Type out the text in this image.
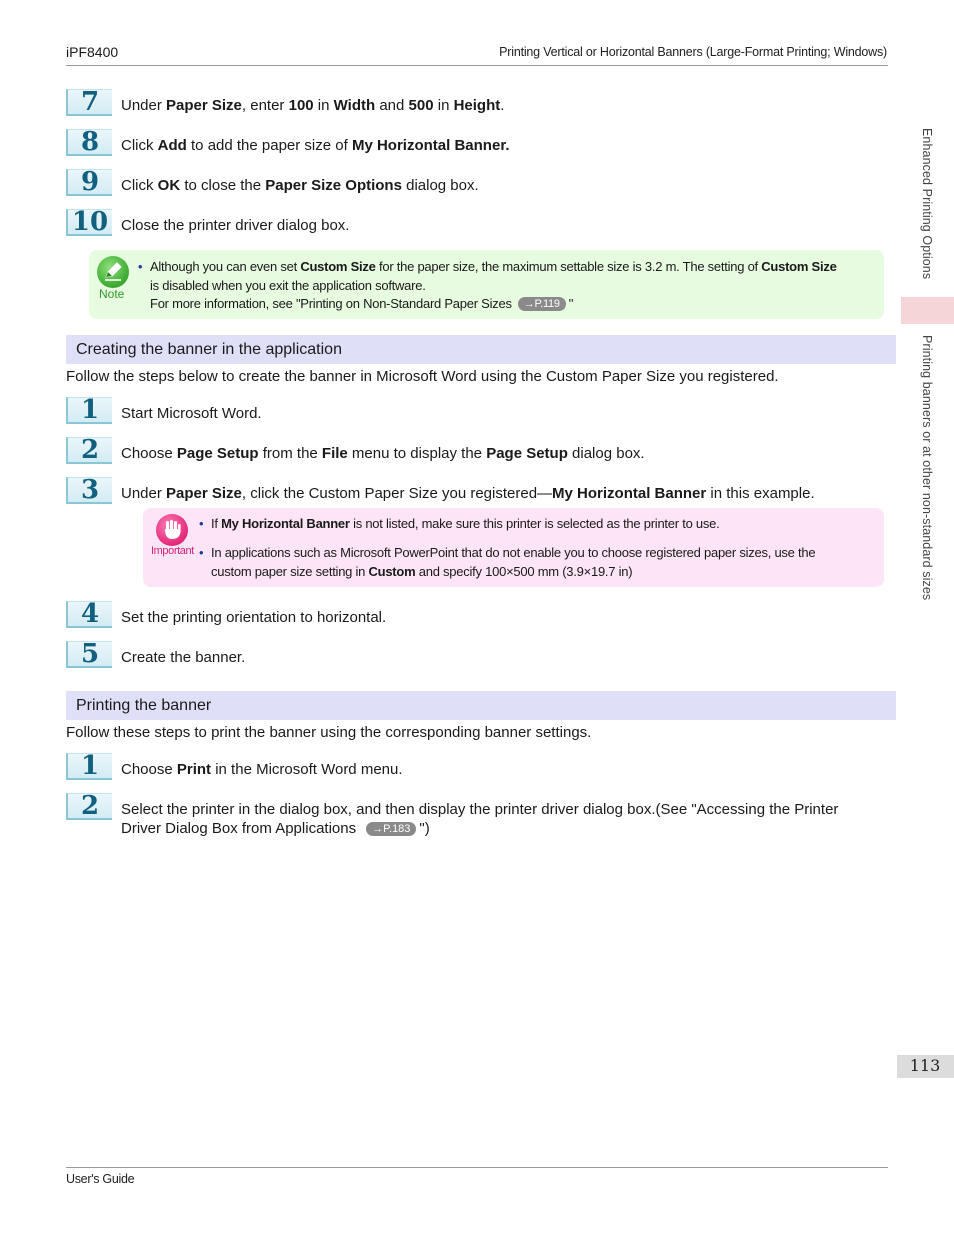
iPF8400	Printing Vertical or Horizontal Banners (Large-Format Printing; Windows)
Enhanced Printing Options
Printing banners or at other non-standard sizes
7	Under Paper Size, enter 100 in Width and 500 in Height.
8	Click Add to add the paper size of My Horizontal Banner.
9	Click OK to close the Paper Size Options dialog box.
10 Close the printer driver dialog box.
Note
• Although you can even set Custom Size for the paper size, the maximum settable size is 3.2 m. The setting of Custom Size
is disabled when you exit the application software.
For more information, see "Printing on Non-Standard Paper Sizes →P.119 "
Creating the banner in the application
Follow the steps below to create the banner in Microsoft Word using the Custom Paper Size you registered.
1	Start Microsoft Word.
2	Choose Page Setup from the File menu to display the Page Setup dialog box.
3	Under Paper Size, click the Custom Paper Size you registered—My Horizontal Banner in this example.
Important
• If My Horizontal Banner is not listed, make sure this printer is selected as the printer to use.
• In applications such as Microsoft PowerPoint that do not enable you to choose registered paper sizes, use the
custom paper size setting in Custom and specify 100×500 mm (3.9×19.7 in)
4	Set the printing orientation to horizontal.
5	Create the banner.
Printing the banner
Follow these steps to print the banner using the corresponding banner settings.
1	Choose Print in the Microsoft Word menu.
2	Select the printer in the dialog box, and then display the printer driver dialog box.(See "Accessing the Printer
Driver Dialog Box from Applications →P.183 ")
113
User's Guide
